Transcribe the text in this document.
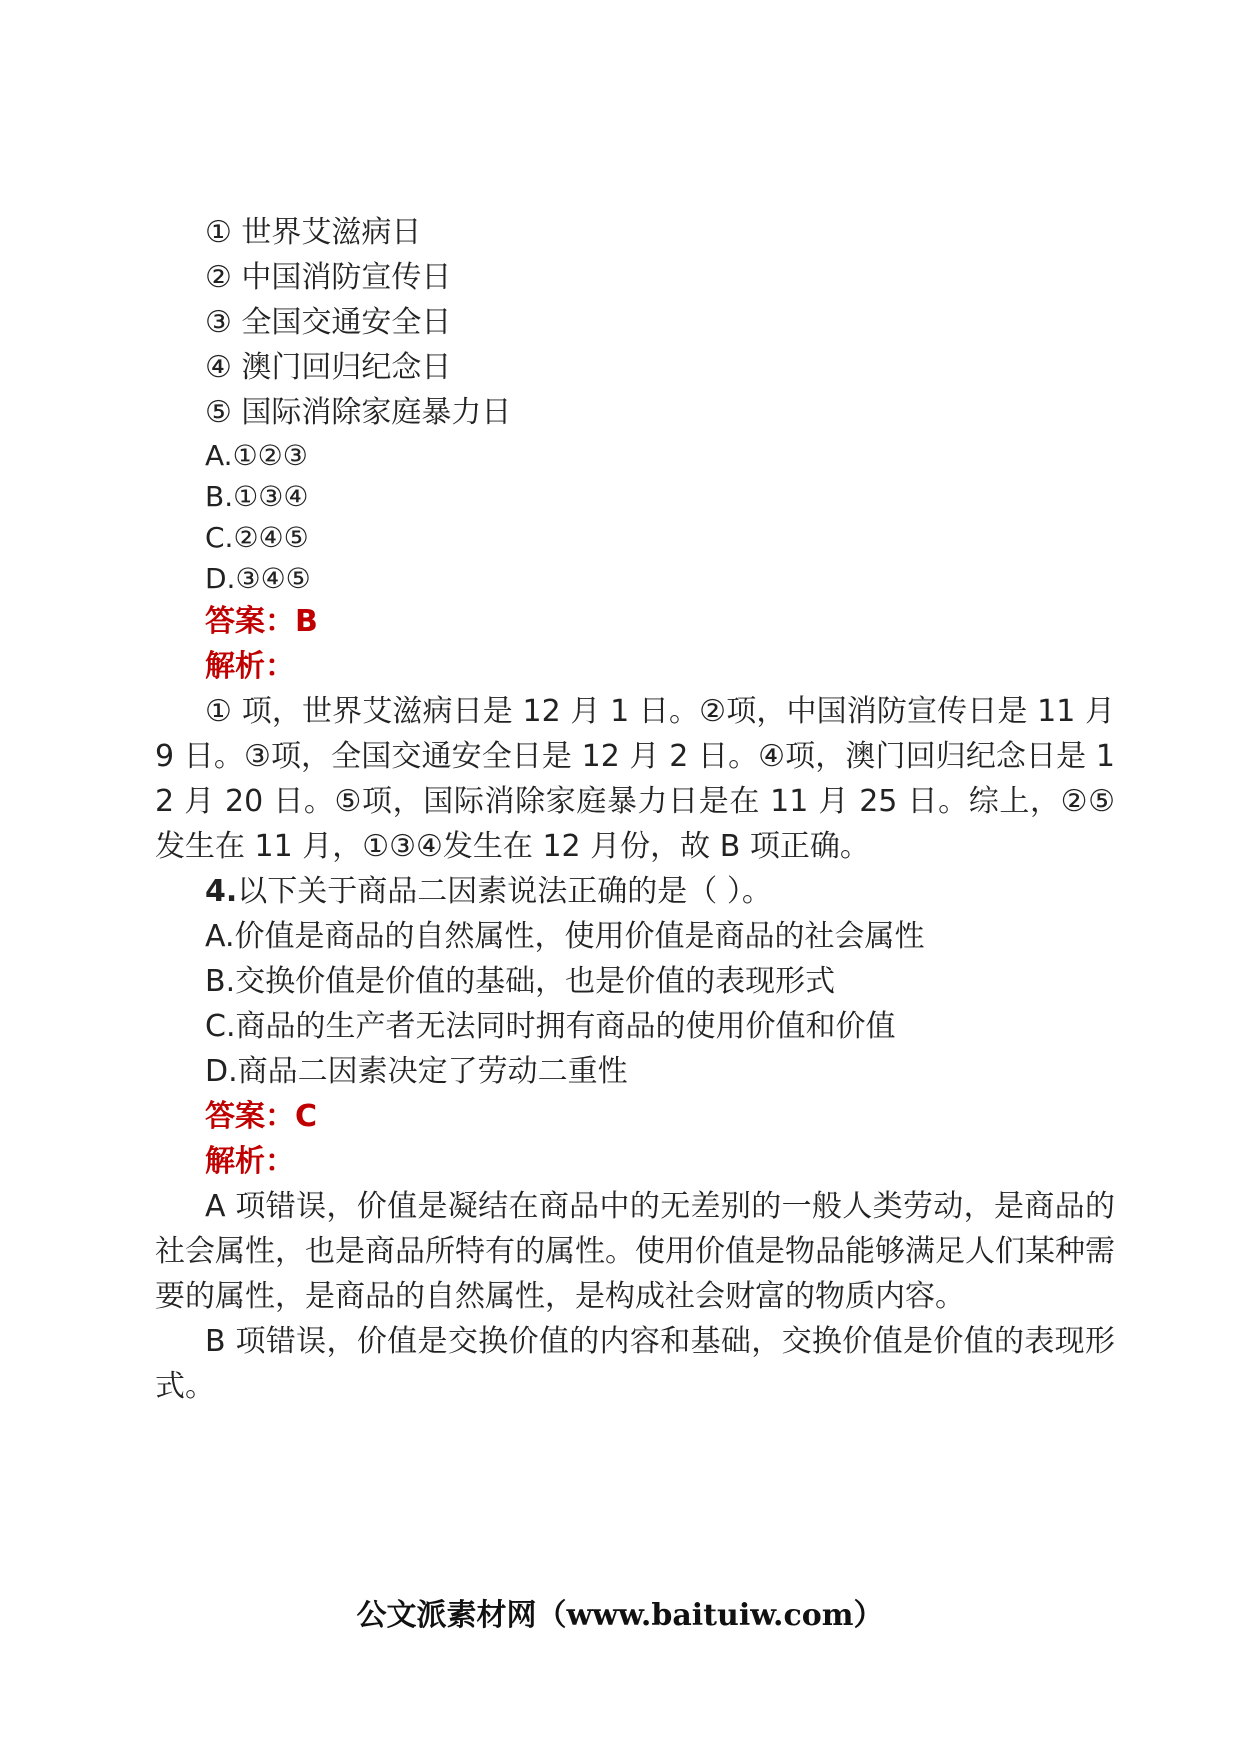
① 世界艾滋病日

② 中国消防宣传日

③ 全国交通安全日

④ 澳门回归纪念日

⑤ 国际消除家庭暴力日

A.①②③

B.①③④

C.②④⑤

D.③④⑤

答案：B

解析：

① 项，世界艾滋病日是 12 月 1 日。②项，中国消防宣传日是 11 月 9 日。③项，全国交通安全日是 12 月 2 日。④项，澳门回归纪念日是 12 月 20 日。⑤项，国际消除家庭暴力日是在 11 月 25 日。综上，②⑤发生在 11 月，①③④发生在 12 月份，故 B 项正确。

4.以下关于商品二因素说法正确的是（ ）。

A.价值是商品的自然属性，使用价值是商品的社会属性

B.交换价值是价值的基础，也是价值的表现形式

C.商品的生产者无法同时拥有商品的使用价值和价值

D.商品二因素决定了劳动二重性

答案：C

解析：

A 项错误，价值是凝结在商品中的无差别的一般人类劳动，是商品的社会属性，也是商品所特有的属性。使用价值是物品能够满足人们某种需要的属性，是商品的自然属性，是构成社会财富的物质内容。

B 项错误，价值是交换价值的内容和基础，交换价值是价值的表现形式。

公文派素材网（www.baituiw.com）
